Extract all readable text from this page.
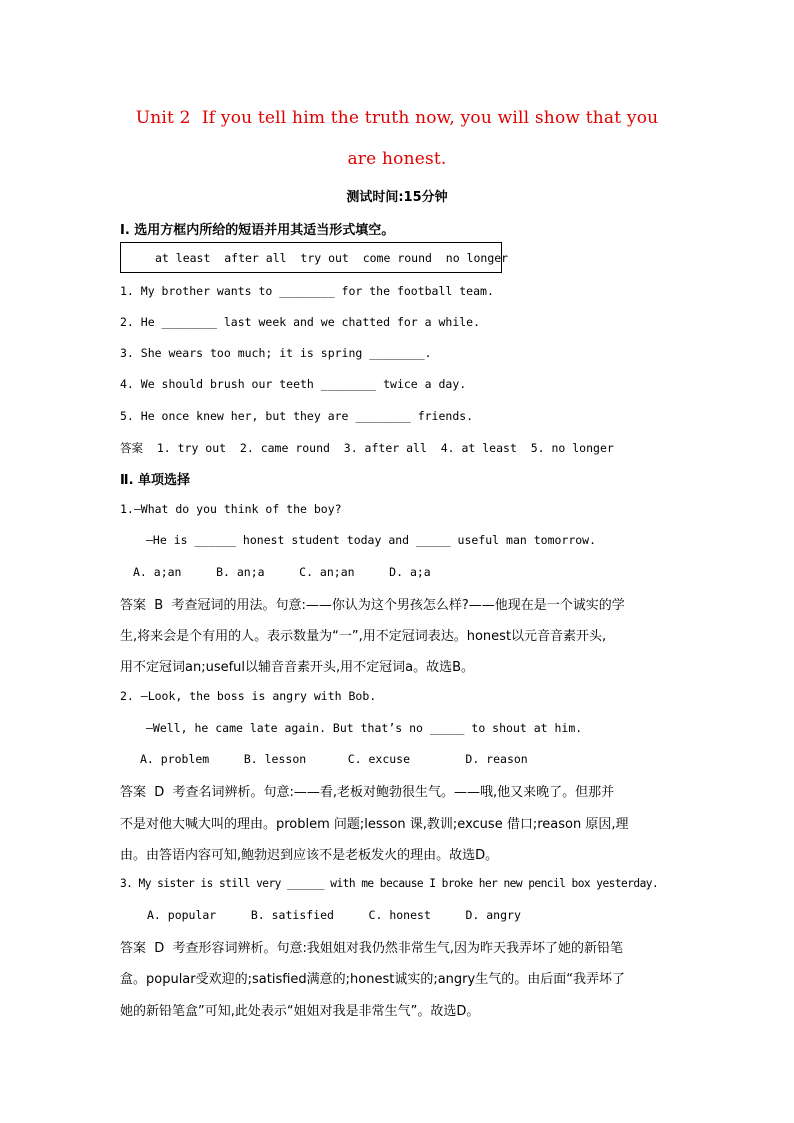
Unit 2  If you tell him the truth now, you will show that you
are honest.
测试时间:15分钟
Ⅰ. 选用方框内所给的短语并用其适当形式填空。
at least  after all  try out  come round  no longer
1. My brother wants to ________ for the football team.
2. He ________ last week and we chatted for a while.
3. She wears too much; it is spring ________.
4. We should brush our teeth ________ twice a day.
5. He once knew her, but they are ________ friends.
答案  1. try out  2. came round  3. after all  4. at least  5. no longer
Ⅱ. 单项选择
1.—What do you think of the boy?
—He is ______ honest student today and _____ useful man tomorrow.
A. a;an     B. an;a     C. an;an     D. a;a
答案  B  考查冠词的用法。句意:——你认为这个男孩怎么样?——他现在是一个诚实的学
生,将来会是个有用的人。表示数量为“一”,用不定冠词表达。honest以元音音素开头,
用不定冠词an;useful以辅音音素开头,用不定冠词a。故选B。
2. —Look, the boss is angry with Bob.
—Well, he came late again. But that’s no _____ to shout at him.
A. problem     B. lesson      C. excuse        D. reason
答案  D  考查名词辨析。句意:——看,老板对鲍勃很生气。——哦,他又来晚了。但那并
不是对他大喊大叫的理由。problem 问题;lesson 课,教训;excuse 借口;reason 原因,理
由。由答语内容可知,鲍勃迟到应该不是老板发火的理由。故选D。
3. My sister is still very ______ with me because I broke her new pencil box yesterday.
A. popular     B. satisfied     C. honest     D. angry
答案  D  考查形容词辨析。句意:我姐姐对我仍然非常生气,因为昨天我弄坏了她的新铅笔
盒。popular受欢迎的;satisfied满意的;honest诚实的;angry生气的。由后面“我弄坏了
她的新铅笔盒”可知,此处表示“姐姐对我是非常生气”。故选D。
